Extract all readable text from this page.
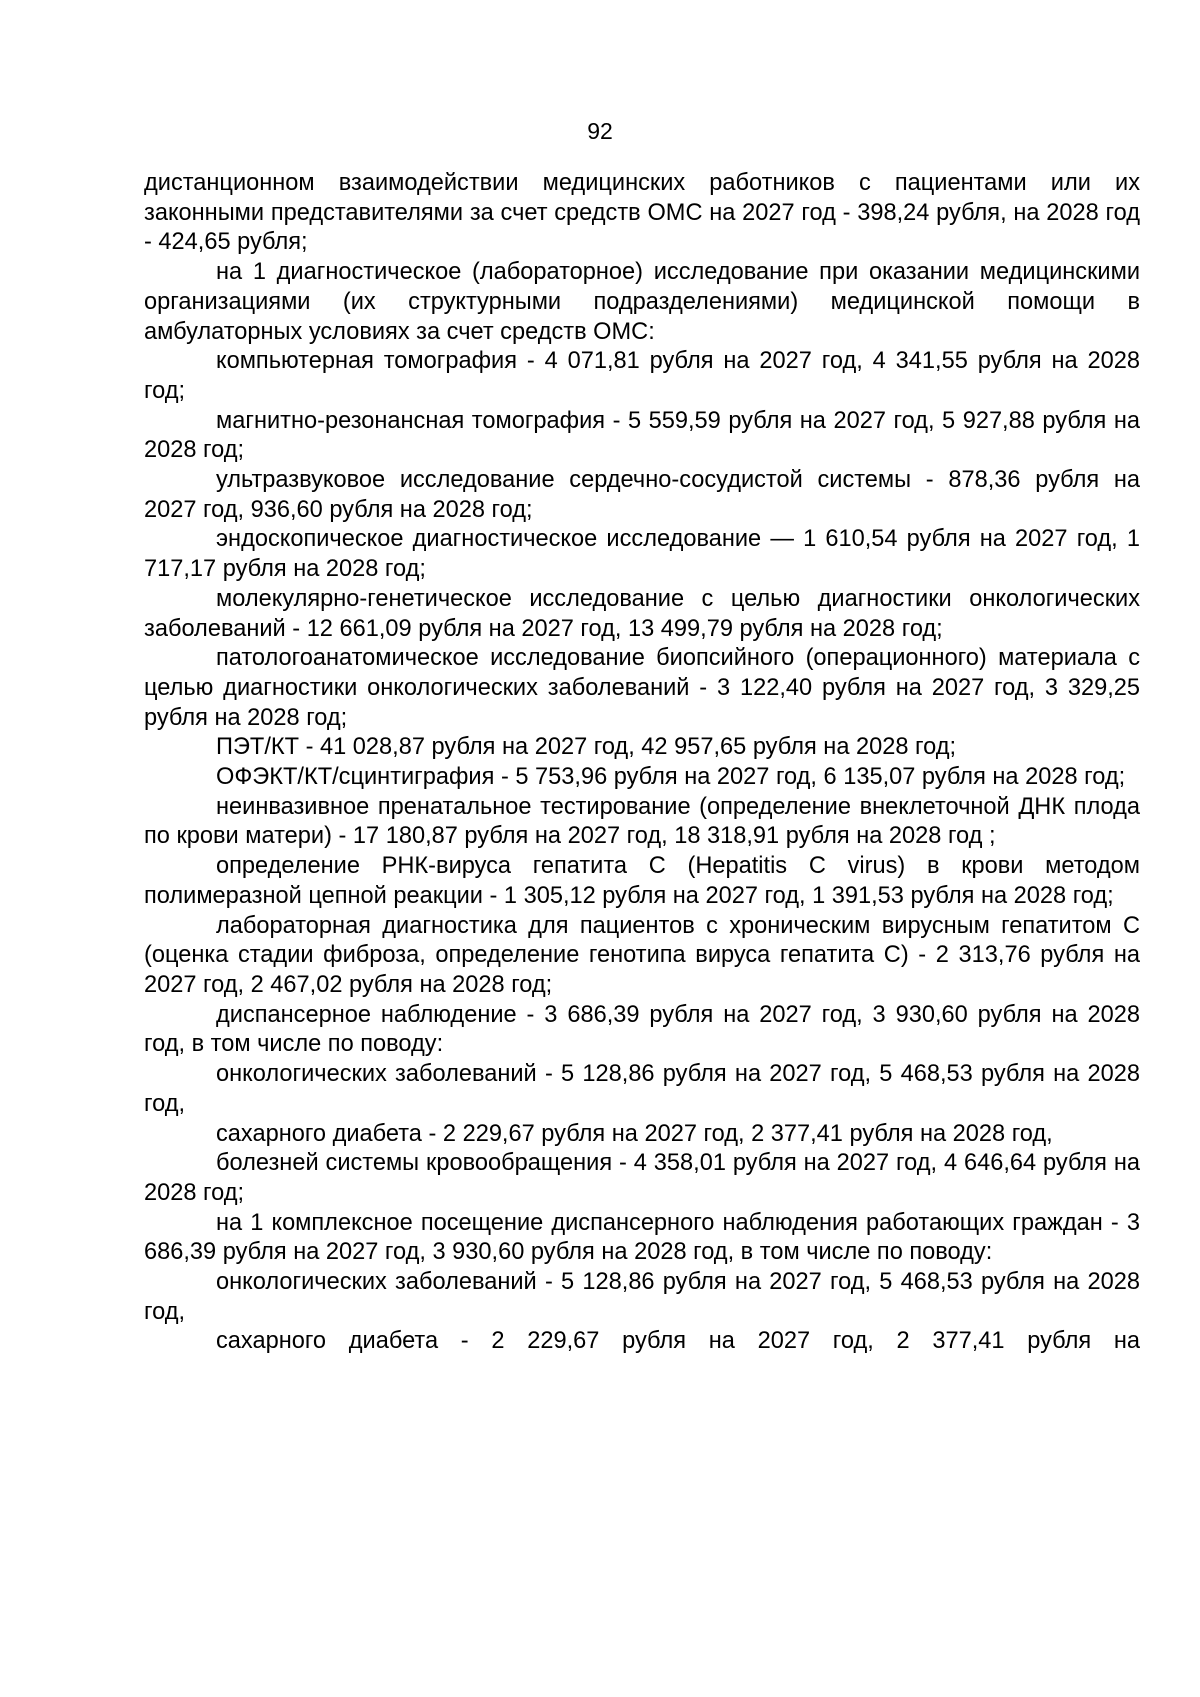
92

дистанционном взаимодействии медицинских работников с пациентами или их законными представителями за счет средств ОМС на 2027 год - 398,24 рубля, на 2028 год - 424,65 рубля;

на 1 диагностическое (лабораторное) исследование при оказании медицинскими организациями (их структурными подразделениями) медицинской помощи в амбулаторных условиях за счет средств ОМС:

компьютерная томография - 4 071,81 рубля на 2027 год, 4 341,55 рубля на 2028 год;

магнитно-резонансная томография - 5 559,59 рубля на 2027 год, 5 927,88 рубля на 2028 год;

ультразвуковое исследование сердечно-сосудистой системы - 878,36 рубля на 2027 год, 936,60 рубля на 2028 год;

эндоскопическое диагностическое исследование — 1 610,54 рубля на 2027 год, 1 717,17 рубля на 2028 год;

молекулярно-генетическое исследование с целью диагностики онкологических заболеваний - 12 661,09 рубля на 2027 год, 13 499,79 рубля на 2028 год;

патологоанатомическое исследование биопсийного (операционного) материала с целью диагностики онкологических заболеваний - 3 122,40 рубля на 2027 год, 3 329,25 рубля на 2028 год;

ПЭТ/КТ - 41 028,87 рубля на 2027 год, 42 957,65 рубля на 2028 год;

ОФЭКТ/КТ/сцинтиграфия - 5 753,96 рубля на 2027 год, 6 135,07 рубля на 2028 год;

неинвазивное пренатальное тестирование (определение внеклеточной ДНК плода по крови матери) - 17 180,87 рубля на 2027 год, 18 318,91 рубля на 2028 год ;

определение РНК-вируса гепатита С (Hepatitis C virus) в крови методом полимеразной цепной реакции - 1 305,12 рубля на 2027 год, 1 391,53 рубля на 2028 год;

лабораторная диагностика для пациентов с хроническим вирусным гепатитом С (оценка стадии фиброза, определение генотипа вируса гепатита С) - 2 313,76 рубля на 2027 год, 2 467,02 рубля на 2028 год;

диспансерное наблюдение - 3 686,39 рубля на 2027 год, 3 930,60 рубля на 2028 год, в том числе по поводу:

онкологических заболеваний - 5 128,86 рубля на 2027 год, 5 468,53 рубля на 2028 год,

сахарного диабета - 2 229,67 рубля на 2027 год, 2 377,41 рубля на 2028 год,

болезней системы кровообращения - 4 358,01 рубля на 2027 год, 4 646,64 рубля на 2028 год;

на 1 комплексное посещение диспансерного наблюдения работающих граждан - 3 686,39 рубля на 2027 год, 3 930,60 рубля на 2028 год, в том числе по поводу:

онкологических заболеваний - 5 128,86 рубля на 2027 год, 5 468,53 рубля на 2028 год,

сахарного диабета - 2 229,67 рубля на 2027 год, 2 377,41 рубля на
